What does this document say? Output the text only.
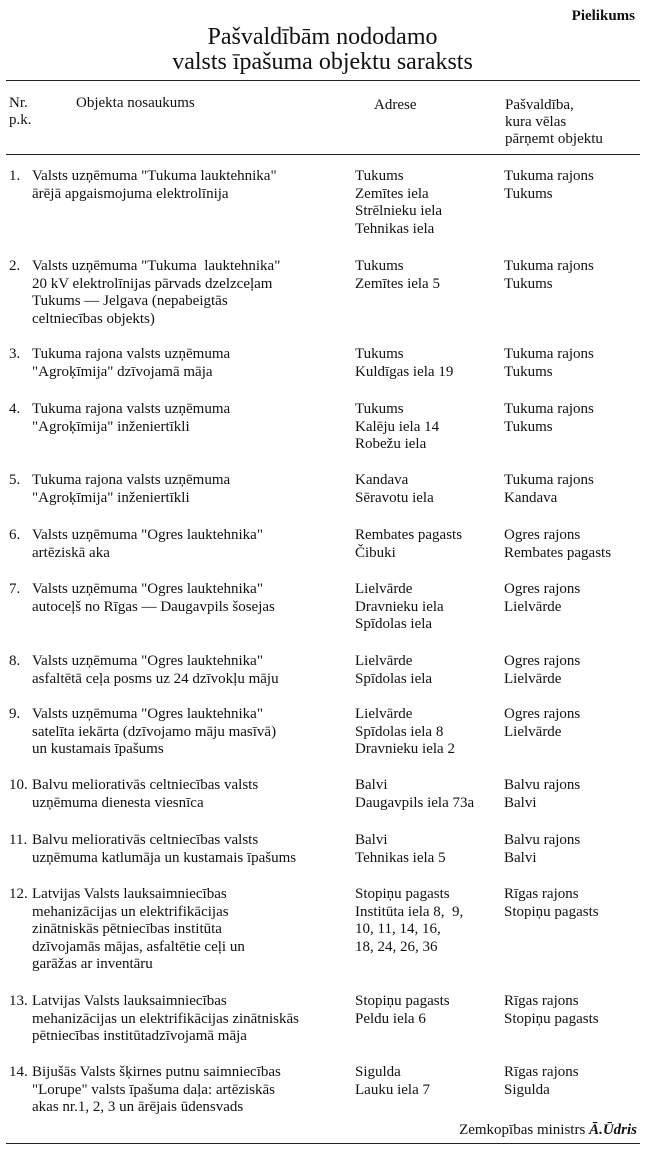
Pielikums
Pašvaldībām nododamo
valsts īpašuma objektu saraksts
Nr.
p.k.
Objekta nosaukums	Adrese	Pašvaldība,
kura vēlas
pārņemt objektu
1. Valsts uzņēmuma "Tukuma lauktehnika"
ārējā apgaismojuma elektrolīnija
Tukums
Zemītes iela
Strēlnieku iela
Tehnikas iela
Tukuma rajons
Tukums
2. Valsts uzņēmuma "Tukuma  lauktehnika"
20 kV elektrolīnijas pārvads dzelzceļam
Tukums — Jelgava (nepabeigtās
celtniecības objekts)
Tukums
Zemītes iela 5
Tukuma rajons
Tukums
3. Tukuma rajona valsts uzņēmuma
"Agroķīmija" dzīvojamā māja
Tukums
Kuldīgas iela 19
Tukuma rajons
Tukums
4. Tukuma rajona valsts uzņēmuma
"Agroķīmija" inženiertīkli
Tukums
Kalēju iela 14
Robežu iela
Tukuma rajons
Tukums
5. Tukuma rajona valsts uzņēmuma
"Agroķīmija" inženiertīkli
Kandava
Sēravotu iela
Tukuma rajons
Kandava
6. Valsts uzņēmuma "Ogres lauktehnika"
artēziskā aka
Rembates pagasts
Čibuki
Ogres rajons
Rembates pagasts
7. Valsts uzņēmuma "Ogres lauktehnika"
autoceļš no Rīgas — Daugavpils šosejas
Lielvārde
Dravnieku iela
Spīdolas iela
Ogres rajons
Lielvārde
8. Valsts uzņēmuma "Ogres lauktehnika"
asfaltētā ceļa posms uz 24 dzīvokļu māju
Lielvārde
Spīdolas iela
Ogres rajons
Lielvārde
9. Valsts uzņēmuma "Ogres lauktehnika"
satelīta iekārta (dzīvojamo māju masīvā)
un kustamais īpašums
Lielvārde
Spīdolas iela 8
Dravnieku iela 2
Ogres rajons
Lielvārde
10. Balvu meliorativās celtniecības valsts
uzņēmuma dienesta viesnīca
Balvi
Daugavpils iela 73a
Balvu rajons
Balvi
11. Balvu meliorativās celtniecības valsts
uzņēmuma katlumāja un kustamais īpašums
Balvi
Tehnikas iela 5
Balvu rajons
Balvi
12. Latvijas Valsts lauksaimniecības
mehanizācijas un elektrifikācijas
zinātniskās pētniecības institūta
dzīvojamās mājas, asfaltētie ceļi un
garāžas ar inventāru
Stopiņu pagasts
Institūta iela 8,  9,
10, 11, 14, 16,
18, 24, 26, 36
Rīgas rajons
Stopiņu pagasts
13. Latvijas Valsts lauksaimniecības
mehanizācijas un elektrifikācijas zinātniskās
pētniecības institūtadzīvojamā māja
Stopiņu pagasts
Peldu iela 6
Rīgas rajons
Stopiņu pagasts
14. Bijušās Valsts šķirnes putnu saimniecības
"Lorupe" valsts īpašuma daļa: artēziskās
akas nr.1, 2, 3 un ārējais ūdensvads
Sigulda
Lauku iela 7
Rīgas rajons
Sigulda
Zemkopības ministrs Ā.Ūdris
